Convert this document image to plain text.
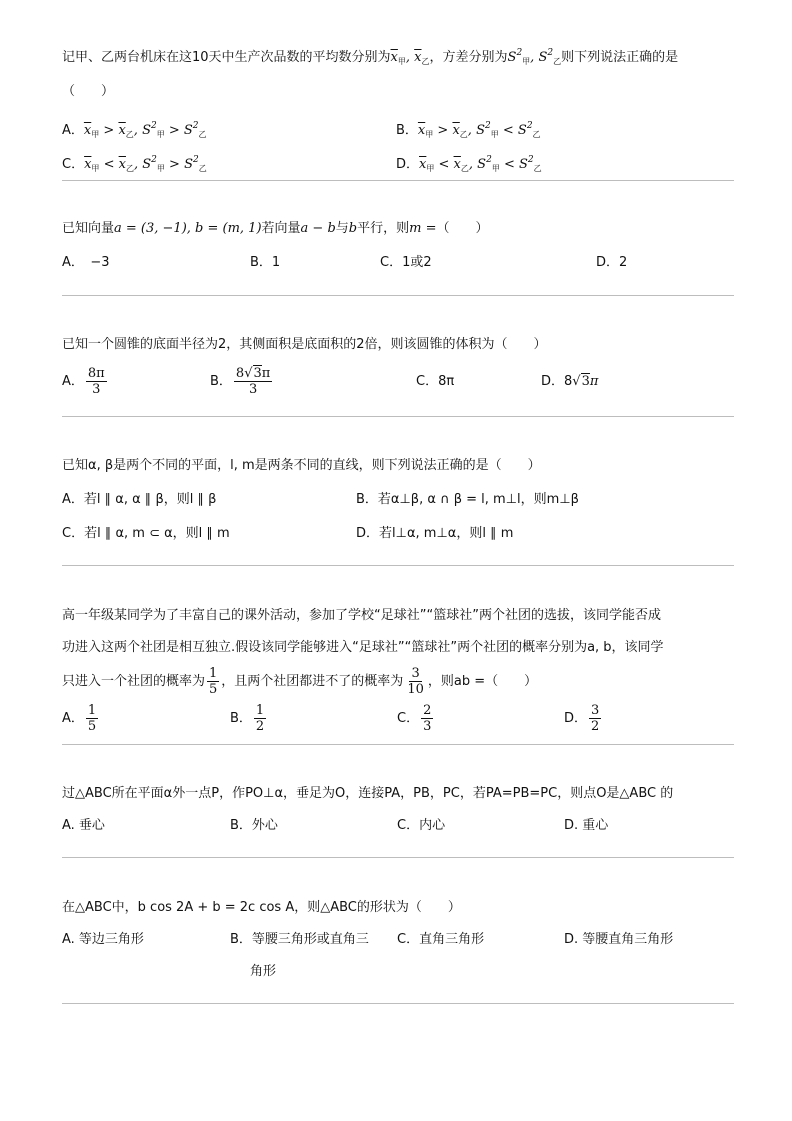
记甲、乙两台机床在这10天中生产次品数的平均数分别为$\overline{x}_甲$, $\overline{x}_乙$，方差分别为$S^2_甲$, $S^2_乙$则下列说法正确的是
（　　）
A．$\overline{x}_甲 > \overline{x}_乙$, $S^2_甲 > S^2_乙$	B．$\overline{x}_甲 > \overline{x}_乙$, $S^2_甲 < S^2_乙$
C．$\overline{x}_甲 < \overline{x}_乙$, $S^2_甲 > S^2_乙$	D．$\overline{x}_甲 < \overline{x}_乙$, $S^2_甲 < S^2_乙$
已知向量a = (3, −1), b = (m, 1)若向量a − b与b平行，则m =（　　）
A．　−3	B．1	C．1或2	D．2
已知一个圆锥的底面半径为2，其侧面积是底面积的2倍，则该圆锥的体积为（　　）
A． $\frac{8\pi}{3}$	B． $\frac{8√3\pi}{3}$	C．8π	D．8√3π
已知α, β是两个不同的平面，l, m是两条不同的直线，则下列说法正确的是（　　）
A．若l ∥ α, α ∥ β，则l ∥ β	B．若α⊥β, α ∩ β = l, m⊥l，则m⊥β
C．若l ∥ α, m ⊂ α，则l ∥ m	D．若l⊥α, m⊥α，则l ∥ m
高一年级某同学为了丰富自己的课外活动，参加了学校“足球社”“篮球社”两个社团的选拔，该同学能否成
功进入这两个社团是相互独立.假设该同学能够进入“足球社”“篮球社”两个社团的概率分别为a, b，该同学
只进入一个社团的概率为 $\frac{1}{5}$ ，且两个社团都进不了的概率为 $\frac{3}{10}$ ，则ab =（　　）
A． $\frac{1}{5}$	B． $\frac{1}{2}$	C． $\frac{2}{3}$	D． $\frac{3}{2}$
过△ABC所在平面α外一点P，作PO⊥α，垂足为O，连接PA，PB，PC，若PA=PB=PC，则点O是△ABC 的
A. 垂心	B．外心	C．内心	D. 重心
在△ABC中，b cos 2A + b = 2c cos A，则△ABC的形状为（　　）
A. 等边三角形	B．等腰三角形或直角三 C．直角三角形	D. 等腰直角三角形
角形
